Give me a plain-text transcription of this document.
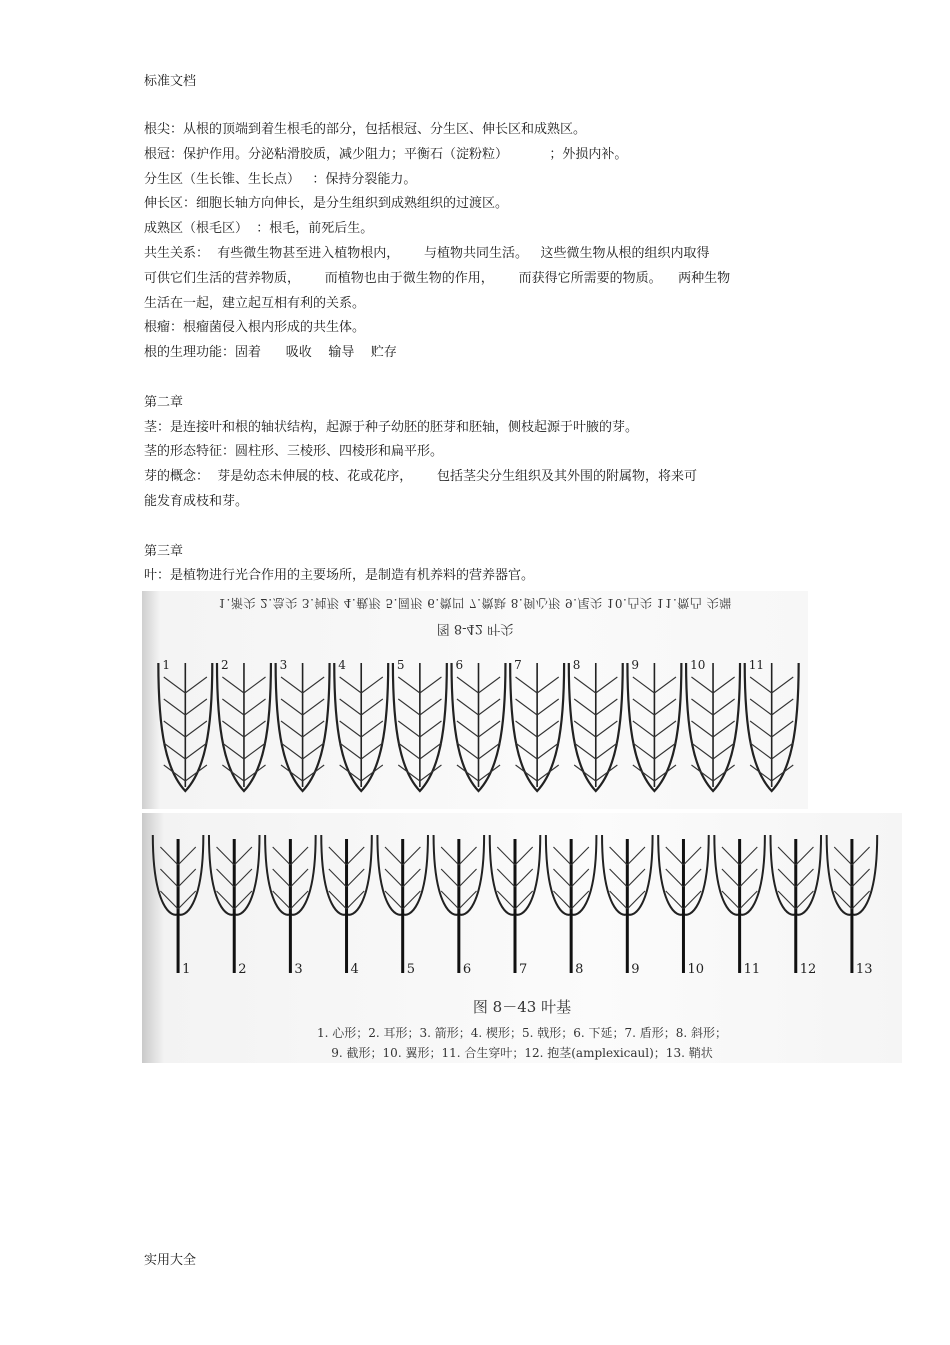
标准文档
根尖：从根的顶端到着生根毛的部分，包括根冠、分生区、伸长区和成熟区。
根冠：保护作用。分泌粘滑胶质，减少阻力；平衡石（淀粉粒）          ；外损内补。
分生区（生长锥、生长点）   ：保持分裂能力。
伸长区：细胞长轴方向伸长，是分生组织到成熟组织的过渡区。
成熟区（根毛区）  ：根毛，前死后生。
共生关系：  有些微生物甚至进入植物根内，      与植物共同生活。   这些微生物从根的组织内取得
可供它们生活的营养物质，      而植物也由于微生物的作用，      而获得它所需要的物质。    两种生物
生活在一起，建立起互相有利的关系。
根瘤：根瘤菌侵入根内形成的共生体。
根的生理功能：固着      吸收    输导    贮存
第二章
茎：是连接叶和根的轴状结构，起源于种子幼胚的胚芽和胚轴，侧枝起源于叶腋的芽。
茎的形态特征：圆柱形、三棱形、四棱形和扁平形。
芽的概念：  芽是幼态未伸展的枝、花或花序，      包括茎尖分生组织及其外围的附属物，将来可
能发育成枝和芽。
第三章
叶：是植物进行光合作用的主要场所，是制造有机养料的营养器官。
1.渐尖 2.急尖 3.钝形 4.截形 5.圆形 6.微凹 7.微缺 8.倒心形 9.尾尖 10.凸尖 11.微凸 尖端
图 8-42 叶尖
1	2	3	4	5	6	7	8	9	10	11
1	2	3	4	5	6	7	8	9	10	11	12	13
图 8－43 叶基
1. 心形；2. 耳形；3. 箭形；4. 楔形；5. 戟形；6. 下延；7. 盾形；8. 斜形；
9. 截形；10. 翼形；11. 合生穿叶；12. 抱茎(amplexicaul)；13. 鞘状
实用大全
